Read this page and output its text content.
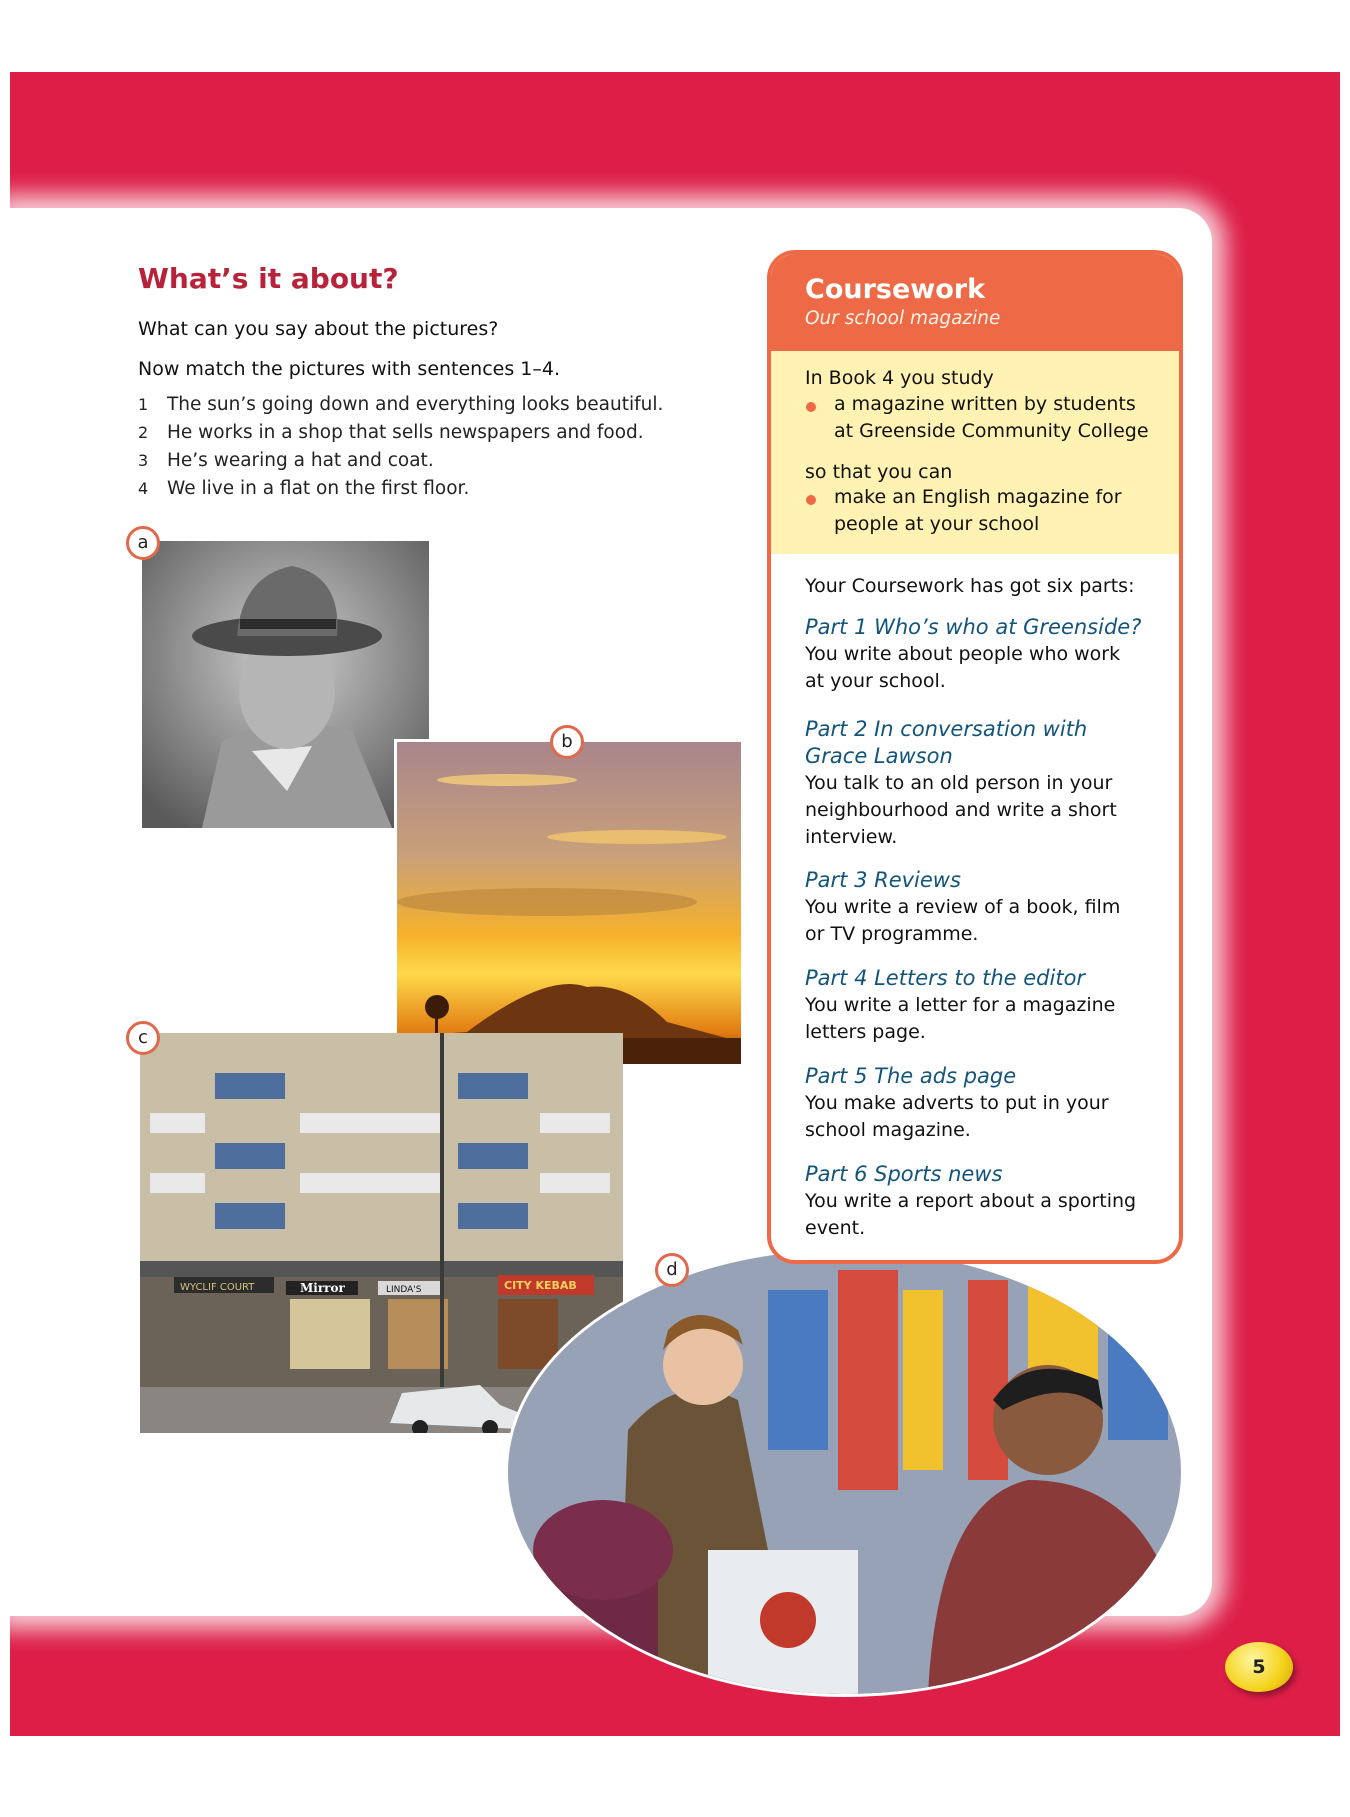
What’s it about?

What can you say about the pictures?

Now match the pictures with sentences 1–4.

1 The sun’s going down and everything looks beautiful.
2 He works in a shop that sells newspapers and food.
3 He’s wearing a hat and coat.
4 We live in a flat on the first floor.
a
b
WYCLIF COURT	Mirror	LINDA'S	CITY KEBAB
c
d
Coursework
Our school magazine

In Book 4 you study

a magazine written by students
at Greenside Community College

so that you can

make an English magazine for
people at your school

Your Coursework has got six parts:

Part 1 Who’s who at Greenside?
You write about people who work
at your school.
Part 2 In conversation with
Grace Lawson
You talk to an old person in your
neighbourhood and write a short
interview.
Part 3 Reviews
You write a review of a book, film
or TV programme.
Part 4 Letters to the editor
You write a letter for a magazine
letters page.
Part 5 The ads page
You make adverts to put in your
school magazine.
Part 6 Sports news
You write a report about a sporting
event.
5
